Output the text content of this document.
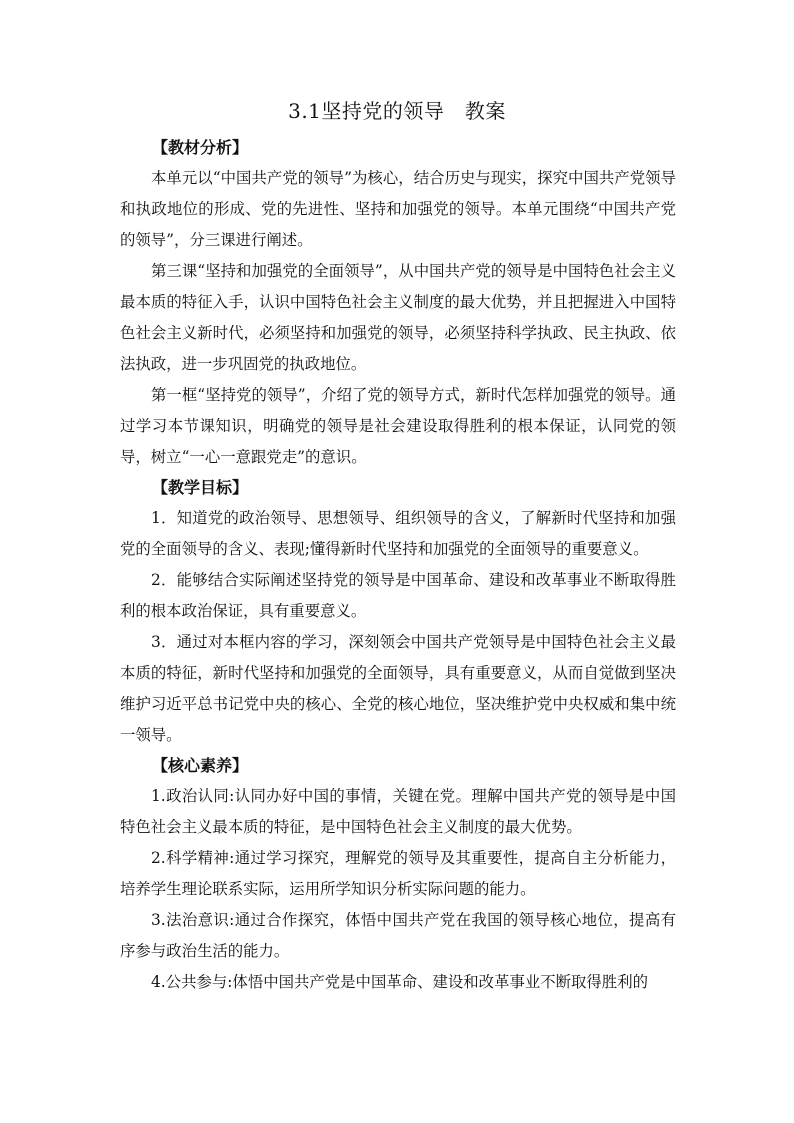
3.1坚持党的领导　教案
【教材分析】

本单元以“中国共产党的领导”为核心，结合历史与现实，探究中国共产党领导和执政地位的形成、党的先进性、坚持和加强党的领导。本单元围绕“中国共产党的领导”，分三课进行阐述。

第三课“坚持和加强党的全面领导”，从中国共产党的领导是中国特色社会主义最本质的特征入手，认识中国特色社会主义制度的最大优势，并且把握进入中国特色社会主义新时代，必须坚持和加强党的领导，必须坚持科学执政、民主执政、依法执政，进一步巩固党的执政地位。

第一框“坚持党的领导”，介绍了党的领导方式，新时代怎样加强党的领导。通过学习本节课知识，明确党的领导是社会建设取得胜利的根本保证，认同党的领导，树立“一心一意跟党走”的意识。

【教学目标】

1．知道党的政治领导、思想领导、组织领导的含义，了解新时代坚持和加强党的全面领导的含义、表现;懂得新时代坚持和加强党的全面领导的重要意义。

2．能够结合实际阐述坚持党的领导是中国革命、建设和改革事业不断取得胜利的根本政治保证，具有重要意义。

3．通过对本框内容的学习，深刻领会中国共产党领导是中国特色社会主义最本质的特征，新时代坚持和加强党的全面领导，具有重要意义，从而自觉做到坚决维护习近平总书记党中央的核心、全党的核心地位，坚决维护党中央权威和集中统一领导。

【核心素养】

1.政治认同:认同办好中国的事情，关键在党。理解中国共产党的领导是中国特色社会主义最本质的特征，是中国特色社会主义制度的最大优势。

2.科学精神:通过学习探究，理解党的领导及其重要性，提高自主分析能力，培养学生理论联系实际，运用所学知识分析实际问题的能力。

3.法治意识:通过合作探究，体悟中国共产党在我国的领导核心地位，提高有序参与政治生活的能力。

4.公共参与:体悟中国共产党是中国革命、建设和改革事业不断取得胜利的
